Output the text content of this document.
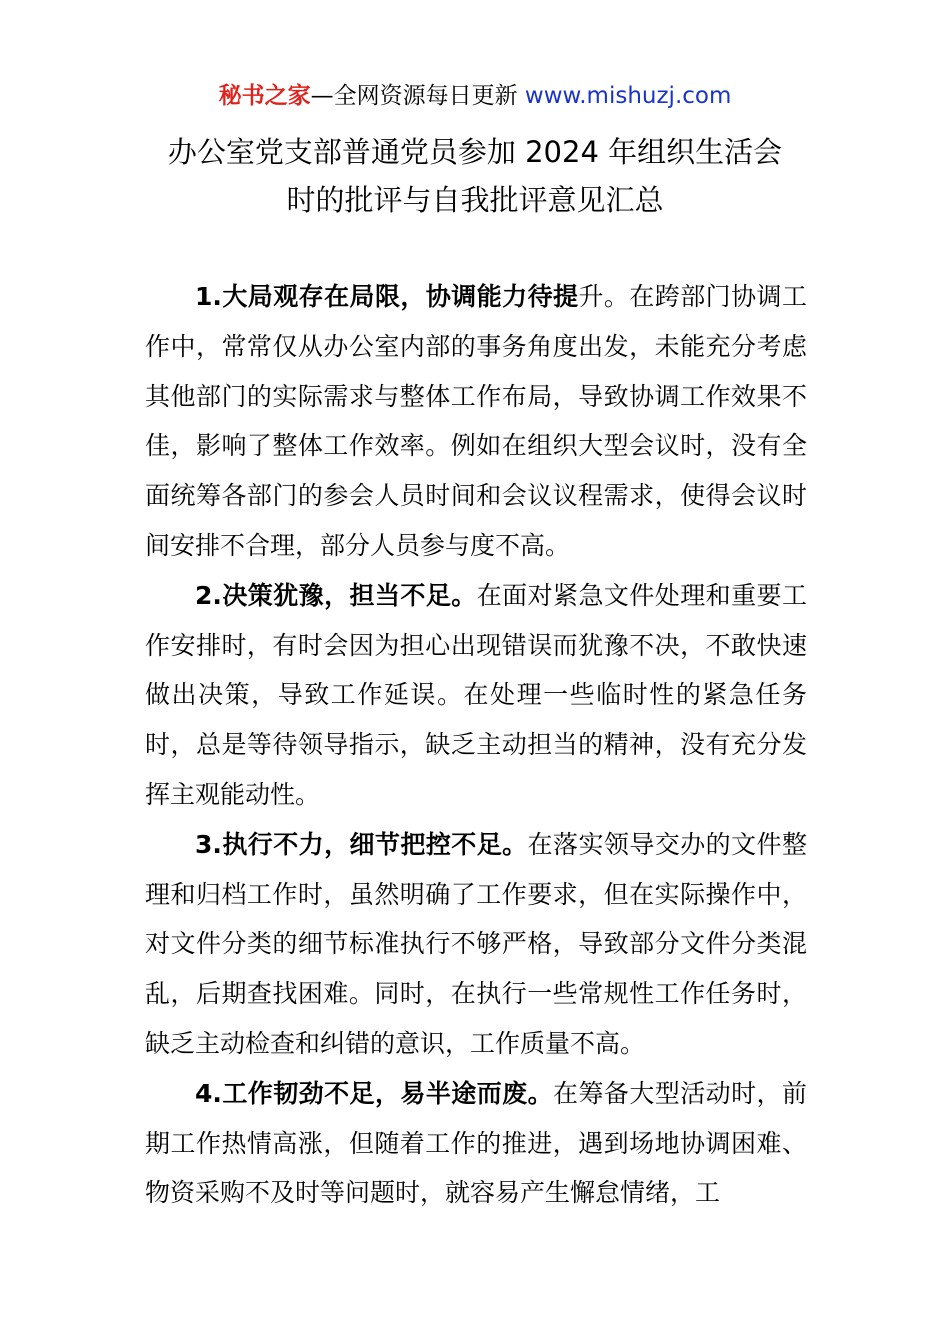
秘书之家—全网资源每日更新 www.mishuzj.com
办公室党支部普通党员参加 2024 年组织生活会
时的批评与自我批评意见汇总

1.大局观存在局限，协调能力待提升。在跨部门协调工作中，常常仅从办公室内部的事务角度出发，未能充分考虑其他部门的实际需求与整体工作布局，导致协调工作效果不佳，影响了整体工作效率。例如在组织大型会议时，没有全面统筹各部门的参会人员时间和会议议程需求，使得会议时间安排不合理，部分人员参与度不高。

2.决策犹豫，担当不足。在面对紧急文件处理和重要工作安排时，有时会因为担心出现错误而犹豫不决，不敢快速做出决策，导致工作延误。在处理一些临时性的紧急任务时，总是等待领导指示，缺乏主动担当的精神，没有充分发挥主观能动性。

3.执行不力，细节把控不足。在落实领导交办的文件整理和归档工作时，虽然明确了工作要求，但在实际操作中，对文件分类的细节标准执行不够严格，导致部分文件分类混乱，后期查找困难。同时，在执行一些常规性工作任务时，缺乏主动检查和纠错的意识，工作质量不高。

4.工作韧劲不足，易半途而废。在筹备大型活动时，前期工作热情高涨，但随着工作的推进，遇到场地协调困难、物资采购不及时等问题时，就容易产生懈怠情绪，工
